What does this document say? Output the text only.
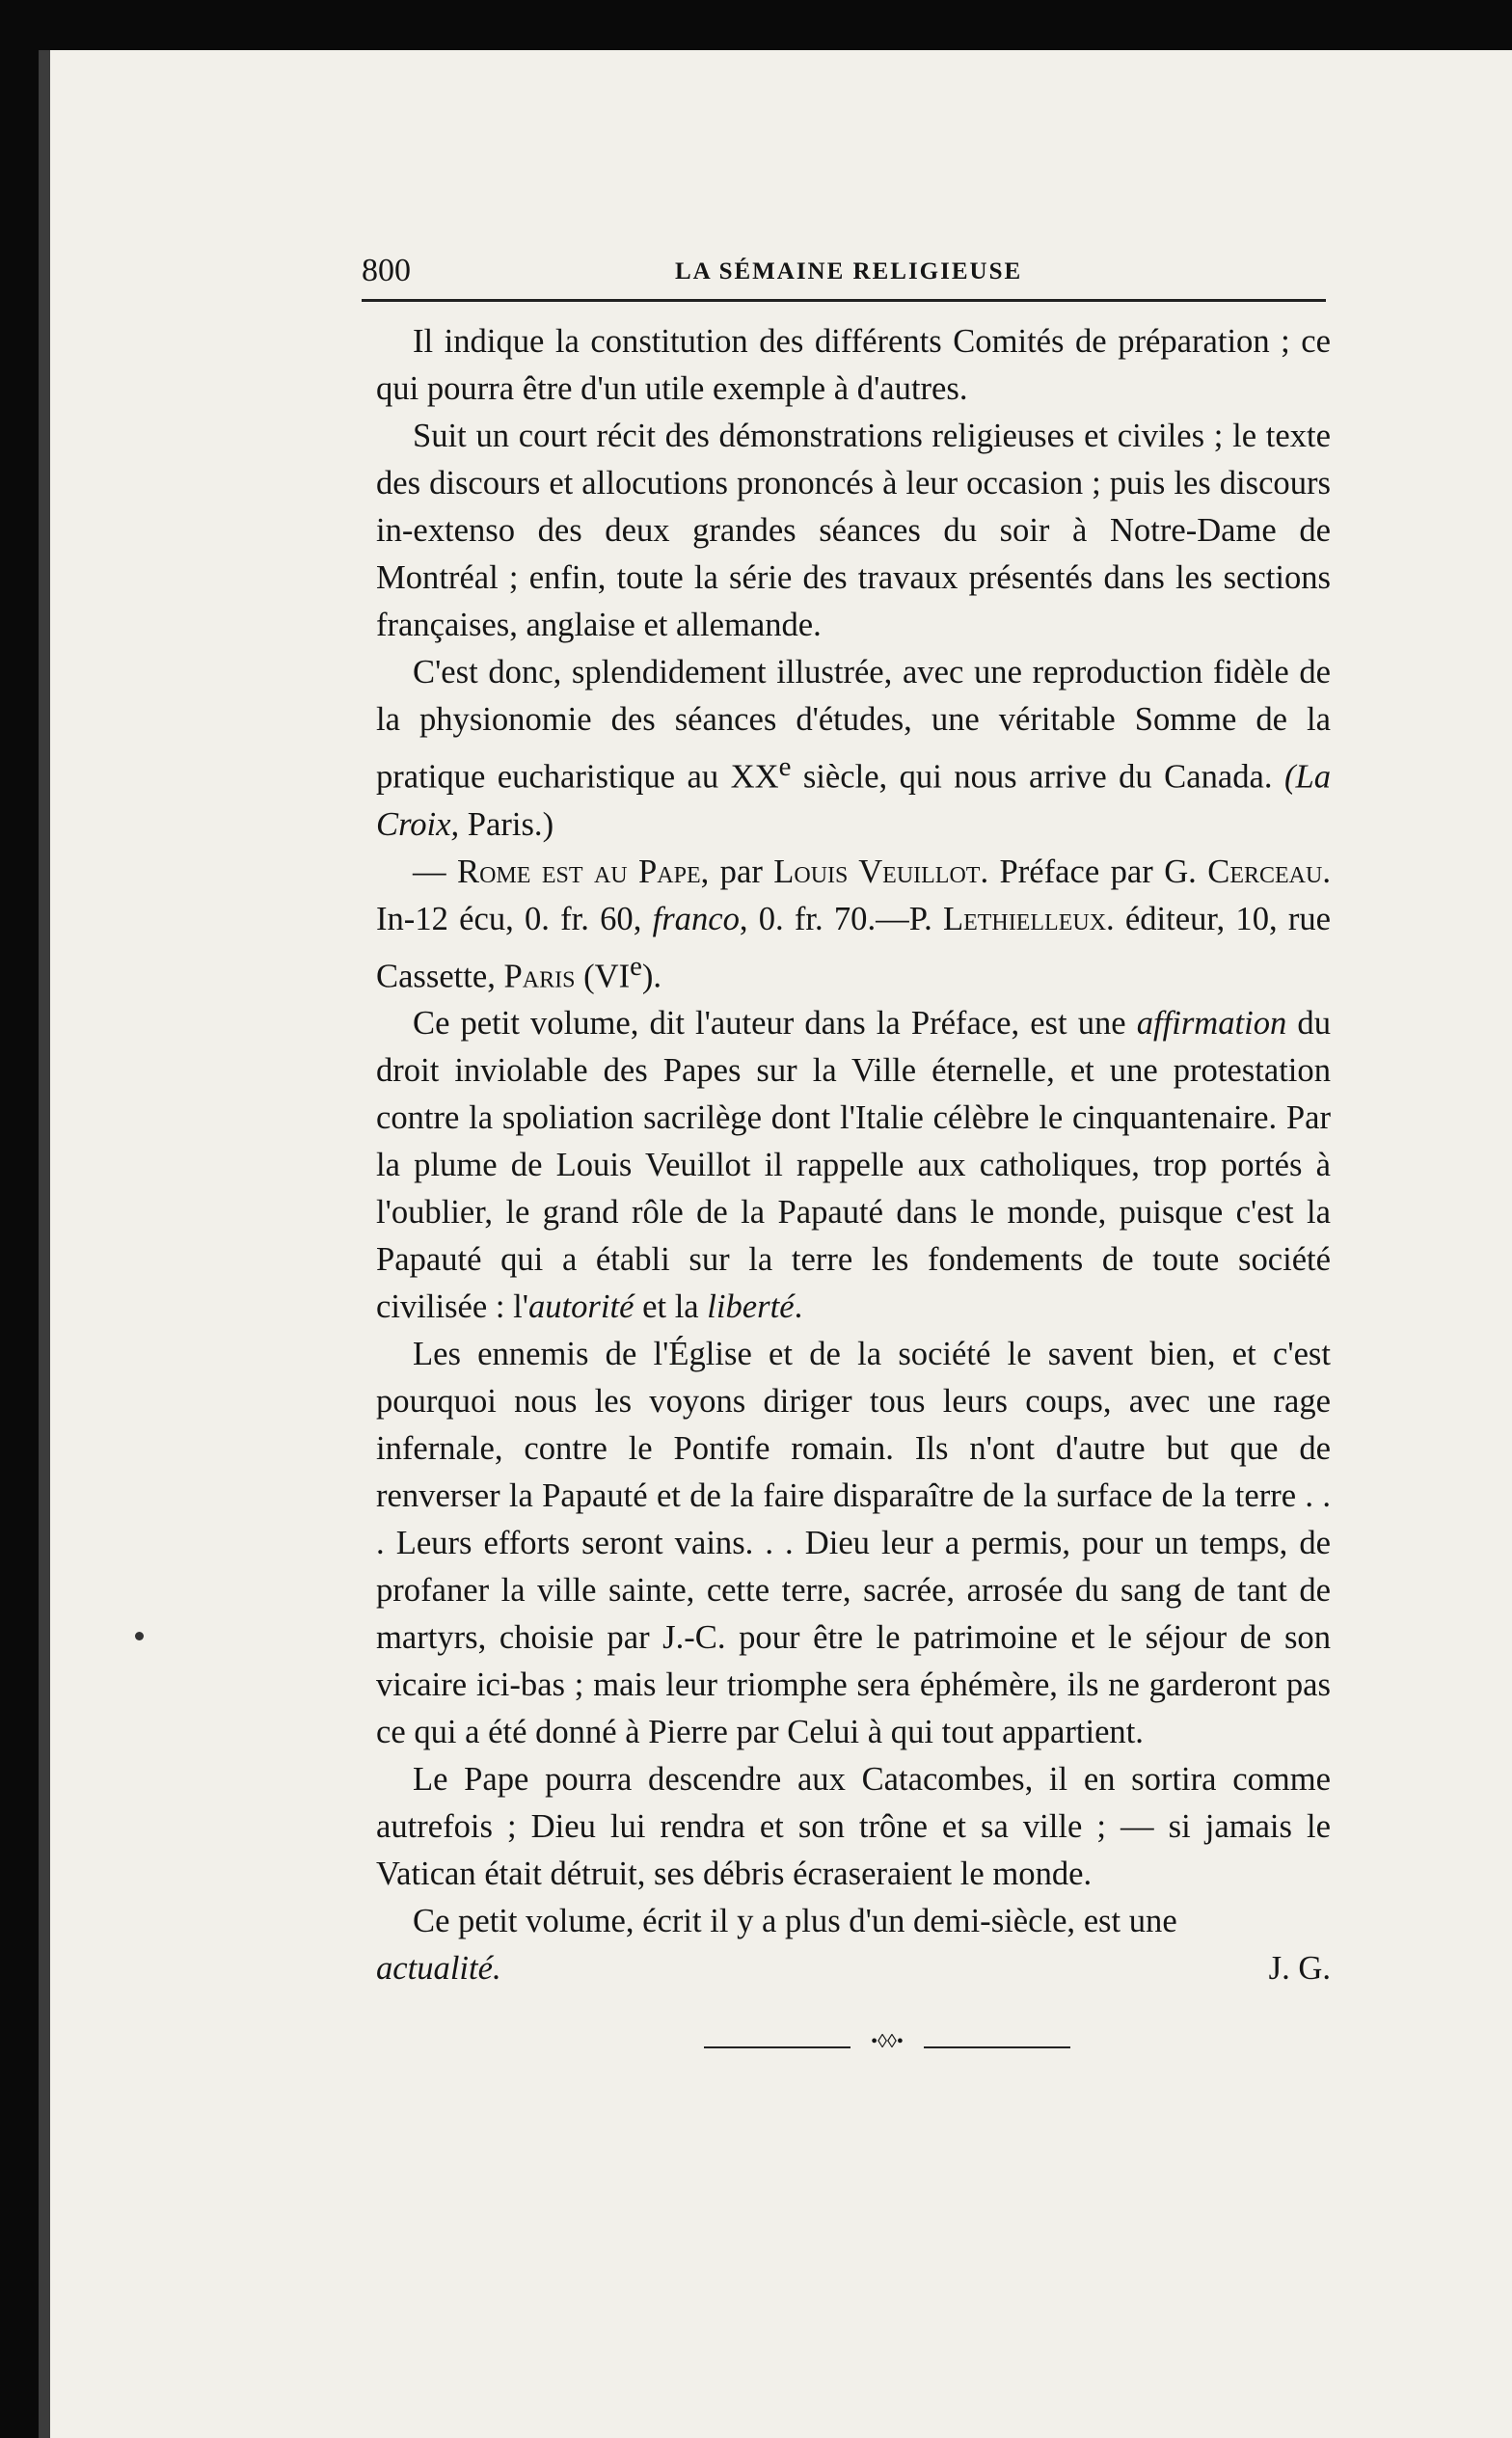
800	LA SÉMAINE RELIGIEUSE

Il indique la constitution des différents Comités de préparation ; ce qui pourra être d'un utile exemple à d'autres.

Suit un court récit des démonstrations religieuses et civiles ; le texte des discours et allocutions prononcés à leur occasion ; puis les discours in-extenso des deux grandes séances du soir à Notre-Dame de Montréal ; enfin, toute la série des travaux présentés dans les sections françaises, anglaise et allemande.

C'est donc, splendidement illustrée, avec une reproduction fidèle de la physionomie des séances d'études, une véritable Somme de la pratique eucharistique au XXe siècle, qui nous arrive du Canada. (La Croix, Paris.)

— Rome est au Pape, par Louis Veuillot. Préface par G. Cerceau. In-12 écu, 0. fr. 60, franco, 0. fr. 70.—P. Lethielleux. éditeur, 10, rue Cassette, Paris (VIe).

Ce petit volume, dit l'auteur dans la Préface, est une affirmation du droit inviolable des Papes sur la Ville éternelle, et une protestation contre la spoliation sacrilège dont l'Italie célèbre le cinquantenaire. Par la plume de Louis Veuillot il rappelle aux catholiques, trop portés à l'oublier, le grand rôle de la Papauté dans le monde, puisque c'est la Papauté qui a établi sur la terre les fondements de toute société civilisée : l'autorité et la liberté.

Les ennemis de l'Église et de la société le savent bien, et c'est pourquoi nous les voyons diriger tous leurs coups, avec une rage infernale, contre le Pontife romain. Ils n'ont d'autre but que de renverser la Papauté et de la faire disparaître de la surface de la terre . . . Leurs efforts seront vains. . . Dieu leur a permis, pour un temps, de profaner la ville sainte, cette terre, sacrée, arrosée du sang de tant de martyrs, choisie par J.-C. pour être le patrimoine et le séjour de son vicaire ici-bas ; mais leur triomphe sera éphémère, ils ne garderont pas ce qui a été donné à Pierre par Celui à qui tout appartient.

Le Pape pourra descendre aux Catacombes, il en sortira comme autrefois ; Dieu lui rendra et son trône et sa ville ; — si jamais le Vatican était détruit, ses débris écraseraient le monde.

Ce petit volume, écrit il y a plus d'un demi-siècle, est une

actualité.	J. G.
•◊◊•
